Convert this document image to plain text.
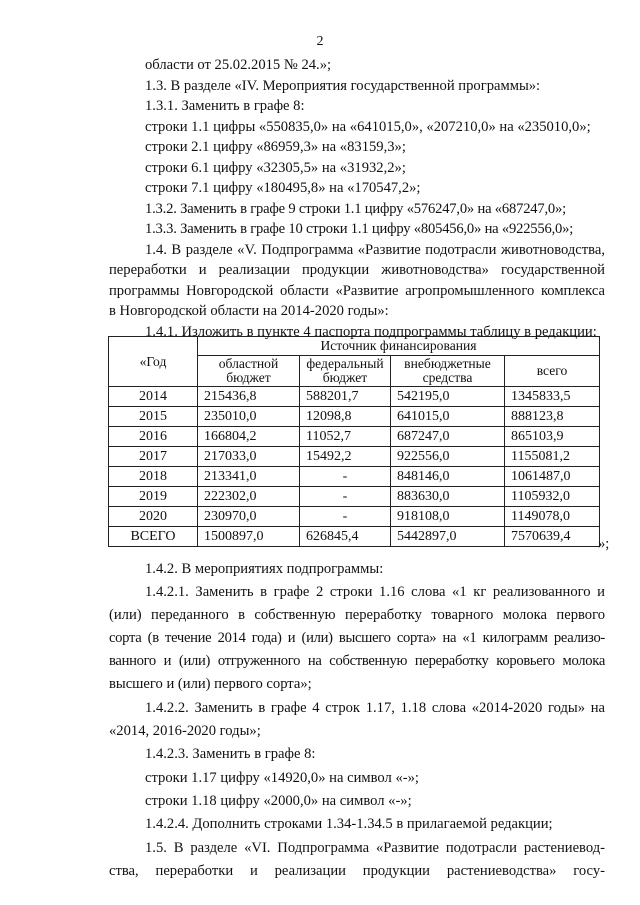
2
области от 25.02.2015 № 24.»;
1.3. В разделе «IV. Мероприятия государственной программы»:
1.3.1. Заменить в графе 8:
строки 1.1 цифры «550835,0» на «641015,0», «207210,0» на «235010,0»;
строки 2.1 цифру «86959,3» на «83159,3»;
строки 6.1 цифру «32305,5» на «31932,2»;
строки 7.1 цифру «180495,8» на «170547,2»;
1.3.2. Заменить в графе 9 строки 1.1 цифру «576247,0» на «687247,0»;
1.3.3. Заменить в графе 10 строки 1.1 цифру «805456,0» на «922556,0»;
1.4. В разделе «V. Подпрограмма «Развитие подотрасли животноводства,
переработки и реализации продукции животноводства» государственной
программы Новгородской области «Развитие агропромышленного комплекса
«Год	Источник финансирования			
	областной бюджет	федеральный бюджет	внебюджетные средства	всего
2014	215436,8	588201,7	542195,0	1345833,5
2015	235010,0	12098,8	641015,0	888123,8
2016	166804,2	11052,7	687247,0	865103,9
2017	217033,0	15492,2	922556,0	1155081,2
2018	213341,0	-	848146,0	1061487,0
2019	222302,0	-	883630,0	1105932,0
2020	230970,0	-	918108,0	1149078,0
ВСЕГО	1500897,0	626845,4	5442897,0	7570639,4 »;
1.4.2. В мероприятиях подпрограммы:
1.4.2.1. Заменить в графе 2 строки 1.16 слова «1 кг реализованного и
(или) переданного в собственную переработку товарного молока первого
сорта (в течение 2014 года) и (или) высшего сорта» на «1 килограмм реализо-
ванного и (или) отгруженного на собственную переработку коровьего молока
высшего и (или) первого сорта»;
1.4.2.2. Заменить в графе 4 строк 1.17, 1.18 слова «2014-2020 годы» на
«2014, 2016-2020 годы»;
1.4.2.3. Заменить в графе 8:
строки 1.17 цифру «14920,0» на символ «-»;
строки 1.18 цифру «2000,0» на символ «-»;
1.4.2.4. Дополнить строками 1.34-1.34.5 в прилагаемой редакции;
1.5. В разделе «VI. Подпрограмма «Развитие подотрасли растениевод-
ства, переработки и реализации продукции растениеводства» госу-
в Новгородской области на 2014-2020 годы»:
1.4.1. Изложить в пункте 4 паспорта подпрограммы таблицу в редакции:
